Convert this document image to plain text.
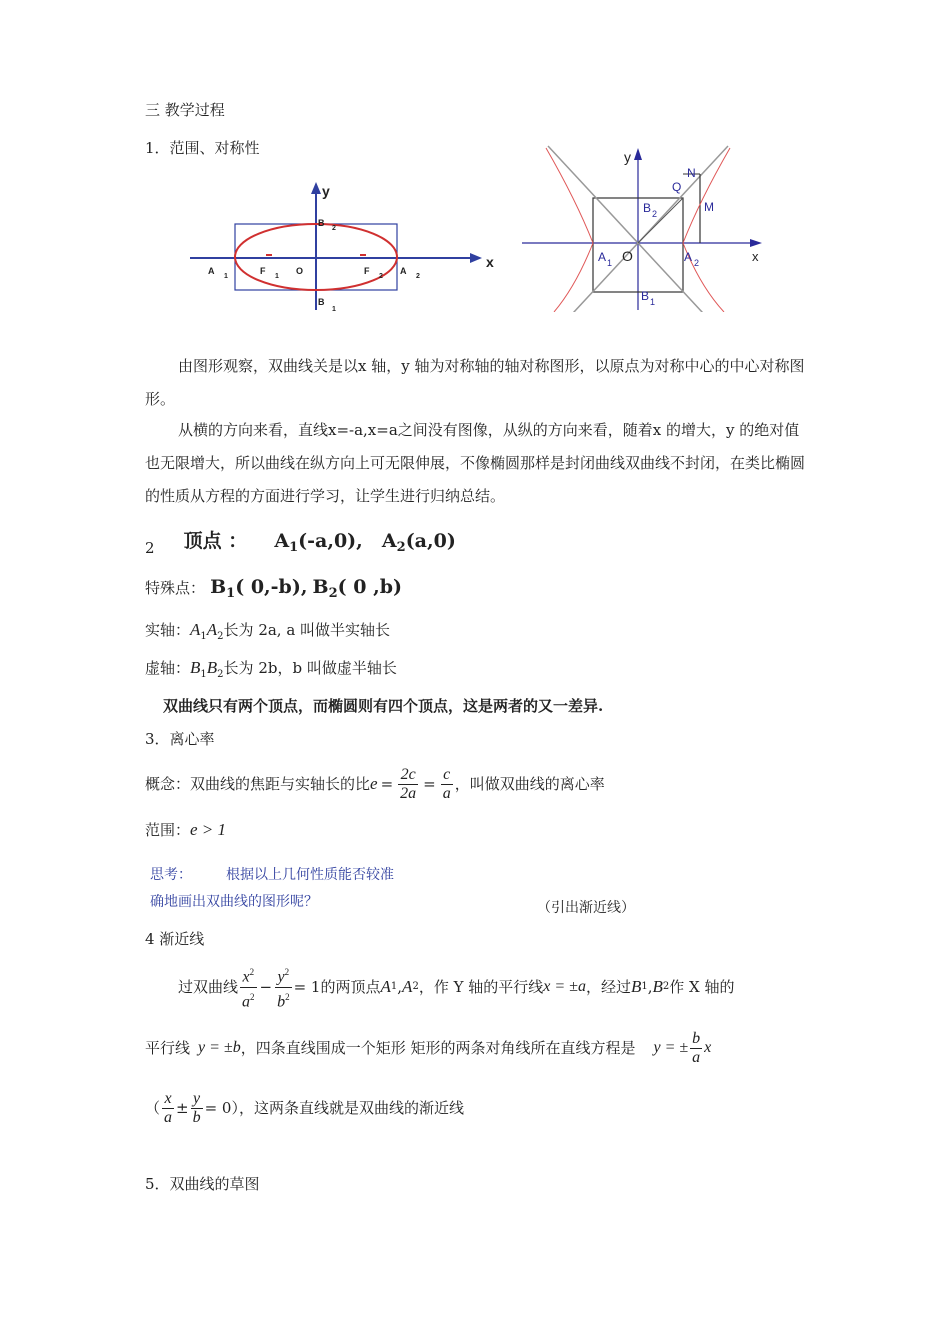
三 教学过程
1．范围、对称性
y
x
B
2
B
1
A
1
F
1
O	F
2
A
2
y
x
N
Q
M
B 2
B 1
A 1 O	A 2
由图形观察，双曲线关是以x 轴，y 轴为对称轴的轴对称图形，以原点为对称中心的中心对称图形。
从横的方向来看，直线x=-a,x=a之间没有图像，从纵的方向来看，随着x 的增大，y 的绝对值也无限增大，所以曲线在纵方向上可无限伸展，不像椭圆那样是封闭曲线双曲线不封闭，在类比椭圆的性质从方程的方面进行学习，让学生进行归纳总结。
2 顶点 ： $A_1(-a,0)$, $A_2(a,0)$
特殊点： $B_1$( 0,-b), $B_2$( 0 ,b)
实轴：$A_1A_2$长为 2a, a 叫做半实轴长
虚轴：$B_1B_2$长为 2b，b 叫做虚半轴长
双曲线只有两个顶点，而椭圆则有四个顶点，这是两者的又一差异.
3．离心率
概念：双曲线的焦距与实轴长的比 $e = \frac{2c}{2a} = \frac{c}{a}$ ，叫做双曲线的离心率
范围：e > 1
思考： 根据以上几何性质能否较准
确地画出双曲线的图形呢？	（引出渐近线）
4 渐近线
过双曲线 $\frac{x^2}{a^2} - \frac{y^2}{b^2} = 1$ 的两顶点 A 1 , A 2 ，作 Y 轴的平行线 x = ±a ，经过 B 1 , B 2 作 X 轴的
平行线 y = ±b ，四条直线围成一个矩形 矩形的两条对角线所在直线方程是 y = ± $\frac{b}{a}$ x
（ $\frac{x}{a} \pm \frac{y}{b} = 0$ ），这两条直线就是双曲线的渐近线
5．双曲线的草图
